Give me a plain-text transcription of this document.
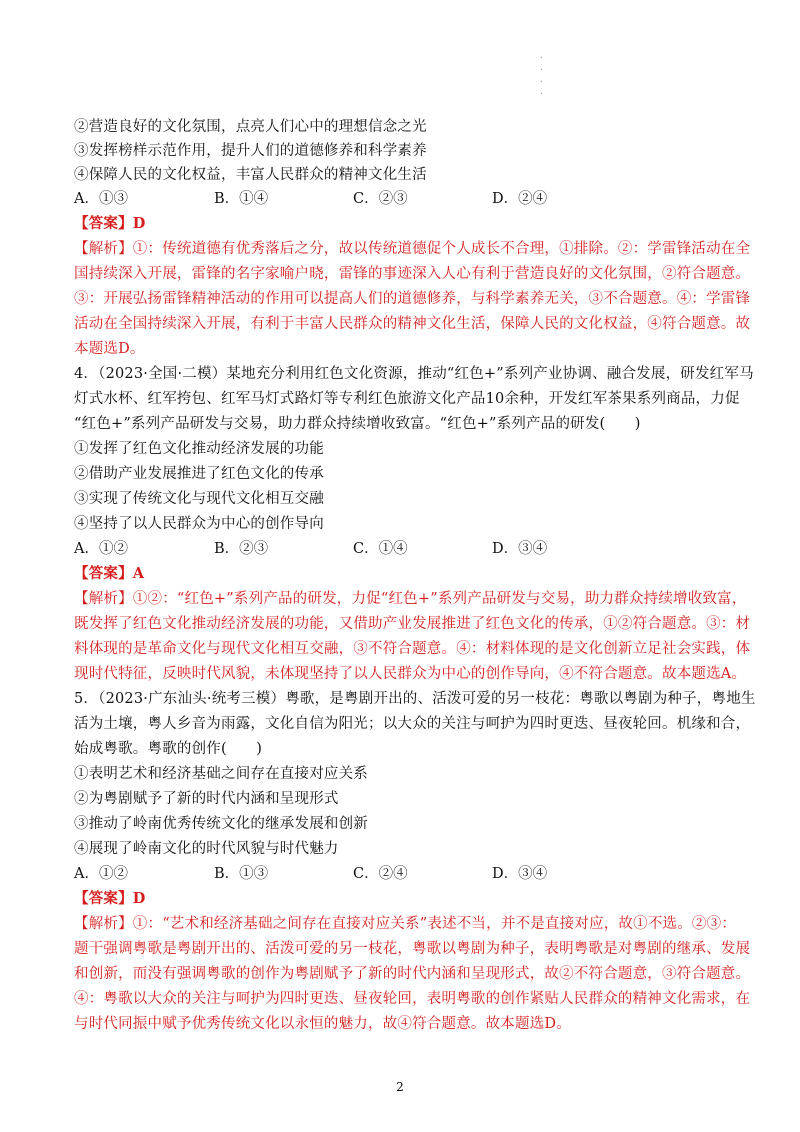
.
.
.
.
②营造良好的文化氛围，点亮人们心中的理想信念之光
③发挥榜样示范作用，提升人们的道德修养和科学素养
④保障人民的文化权益，丰富人民群众的精神文化生活
A．①③	B．①④	C．②③	D．②④
【答案】D
【解析】①：传统道德有优秀落后之分，故以传统道德促个人成长不合理，①排除。②：学雷锋活动在全
国持续深入开展，雷锋的名字家喻户晓，雷锋的事迹深入人心有利于营造良好的文化氛围，②符合题意。
③：开展弘扬雷锋精神活动的作用可以提高人们的道德修养，与科学素养无关，③不合题意。④：学雷锋
活动在全国持续深入开展，有利于丰富人民群众的精神文化生活，保障人民的文化权益，④符合题意。故
本题选D。
4．（2023·全国·二模）某地充分利用红色文化资源，推动“红色+”系列产业协调、融合发展，研发红军马
灯式水杯、红军挎包、红军马灯式路灯等专利红色旅游文化产品10余种，开发红军茶果系列商品，力促
“红色+”系列产品研发与交易，助力群众持续增收致富。“红色+”系列产品的研发(　　)
①发挥了红色文化推动经济发展的功能
②借助产业发展推进了红色文化的传承
③实现了传统文化与现代文化相互交融
④坚持了以人民群众为中心的创作导向
A．①②	B．②③	C．①④	D．③④
【答案】A
【解析】①②：“红色+”系列产品的研发，力促“红色+”系列产品研发与交易，助力群众持续增收致富，
既发挥了红色文化推动经济发展的功能，又借助产业发展推进了红色文化的传承，①②符合题意。③：材
料体现的是革命文化与现代文化相互交融，③不符合题意。④：材料体现的是文化创新立足社会实践，体
现时代特征，反映时代风貌，未体现坚持了以人民群众为中心的创作导向，④不符合题意。故本题选A。
5．（2023·广东汕头·统考三模）粤歌，是粤剧开出的、活泼可爱的另一枝花：粤歌以粤剧为种子，粤地生
活为土壤，粤人乡音为雨露，文化自信为阳光；以大众的关注与呵护为四时更迭、昼夜轮回。机缘和合，
始成粤歌。粤歌的创作(　　)
①表明艺术和经济基础之间存在直接对应关系
②为粤剧赋予了新的时代内涵和呈现形式
③推动了岭南优秀传统文化的继承发展和创新
④展现了岭南文化的时代风貌与时代魅力
A．①②	B．①③	C．②④	D．③④
【答案】D
【解析】①：“艺术和经济基础之间存在直接对应关系”表述不当，并不是直接对应，故①不选。②③：
题干强调粤歌是粤剧开出的、活泼可爱的另一枝花，粤歌以粤剧为种子，表明粤歌是对粤剧的继承、发展
和创新，而没有强调粤歌的创作为粤剧赋予了新的时代内涵和呈现形式，故②不符合题意，③符合题意。
④：粤歌以大众的关注与呵护为四时更迭、昼夜轮回，表明粤歌的创作紧贴人民群众的精神文化需求，在
与时代同振中赋予优秀传统文化以永恒的魅力，故④符合题意。故本题选D。
2
